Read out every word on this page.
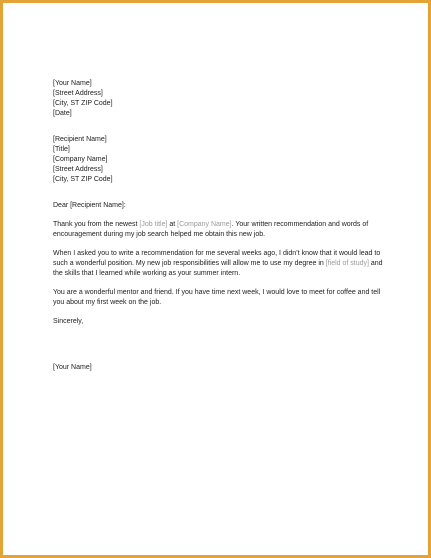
[Your Name]
[Street Address]
[City, ST ZIP Code]
[Date]
[Recipient Name]
[Title]
[Company Name]
[Street Address]
[City, ST ZIP Code]
Dear [Recipient Name]:

Thank you from the newest [Job title] at [Company Name]. Your written recommendation and words of encouragement during my job search helped me obtain this new job.

When I asked you to write a recommendation for me several weeks ago, I didn’t know that it would lead to such a wonderful position. My new job responsibilities will allow me to use my degree in [field of study] and the skills that I learned while working as your summer intern.

You are a wonderful mentor and friend. If you have time next week, I would love to meet for coffee and tell you about my first week on the job.

Sincerely,
[Your Name]
